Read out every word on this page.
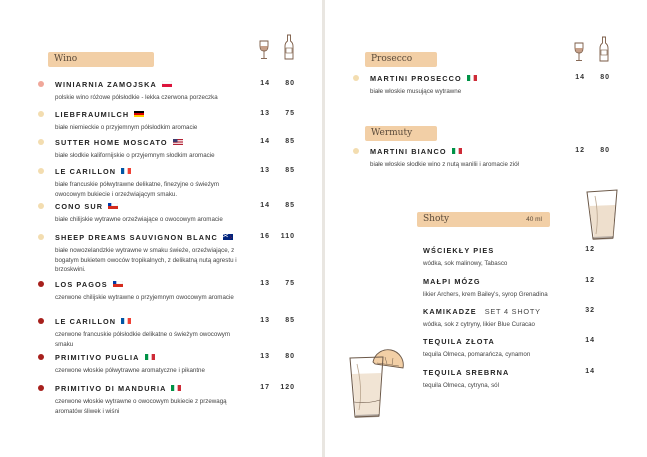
Wino
WINIARNIA ZAMOJSKA
polskie wino różowe półsłodkie - lekka czerwona porzeczka
14	80
LIEBFRAUMILCH
białe niemieckie o przyjemnym półsłodkim aromacie
13	75
SUTTER HOME MOSCATO
białe słodkie kalifornijskie o przyjemnym słodkim aromacie
14	85
LE CARILLON
białe francuskie półwytrawne delikatne, finezyjne o świeżym owocowym bukiecie i orzeźwiającym smaku.
13	85
CONO SUR
białe chilijskie wytrawne orzeźwiające o owocowym aromacie
14	85
SHEEP DREAMS SAUVIGNON BLANC
białe nowozelandzkie wytrawne w smaku świeże, orzeźwiające, z bogatym bukietem owoców tropikalnych, z delikatną nutą agrestu i brzoskwini.
16	110
LOS PAGOS
czerwone chilijskie wytrawne o przyjemnym owocowym aromacie
13	75
LE CARILLON
czerwone francuskie półsłodkie delikatne o świeżym owocowym smaku
13	85
PRIMITIVO PUGLIA
czerwone włoskie półwytrawne aromatyczne i pikantne
13	80
PRIMITIVO DI MANDURIA
czerwone włoskie wytrawne o owocowym bukiecie z przewagą aromatów śliwek i wiśni
17	120
Prosecco
MARTINI PROSECCO
białe włoskie musujące wytrawne
14	80
Wermuty
MARTINI BIANCO
białe włoskie słodkie wino z nutą wanilii i aromacie ziół
12	80
Shoty	40 ml
WŚCIEKŁY PIES
wódka, sok malinowy, Tabasco
12
MAŁPI MÓZG
likier Archers, krem Bailey's, syrop Grenadina
12
KAMIKADZE SET 4 SHOTY
wódka, sok z cytryny, likier Blue Curacao
32
TEQUILA ZŁOTA
tequila Olmeca, pomarańcza, cynamon
14
TEQUILA SREBRNA
tequila Olmeca, cytryna, sól
14
